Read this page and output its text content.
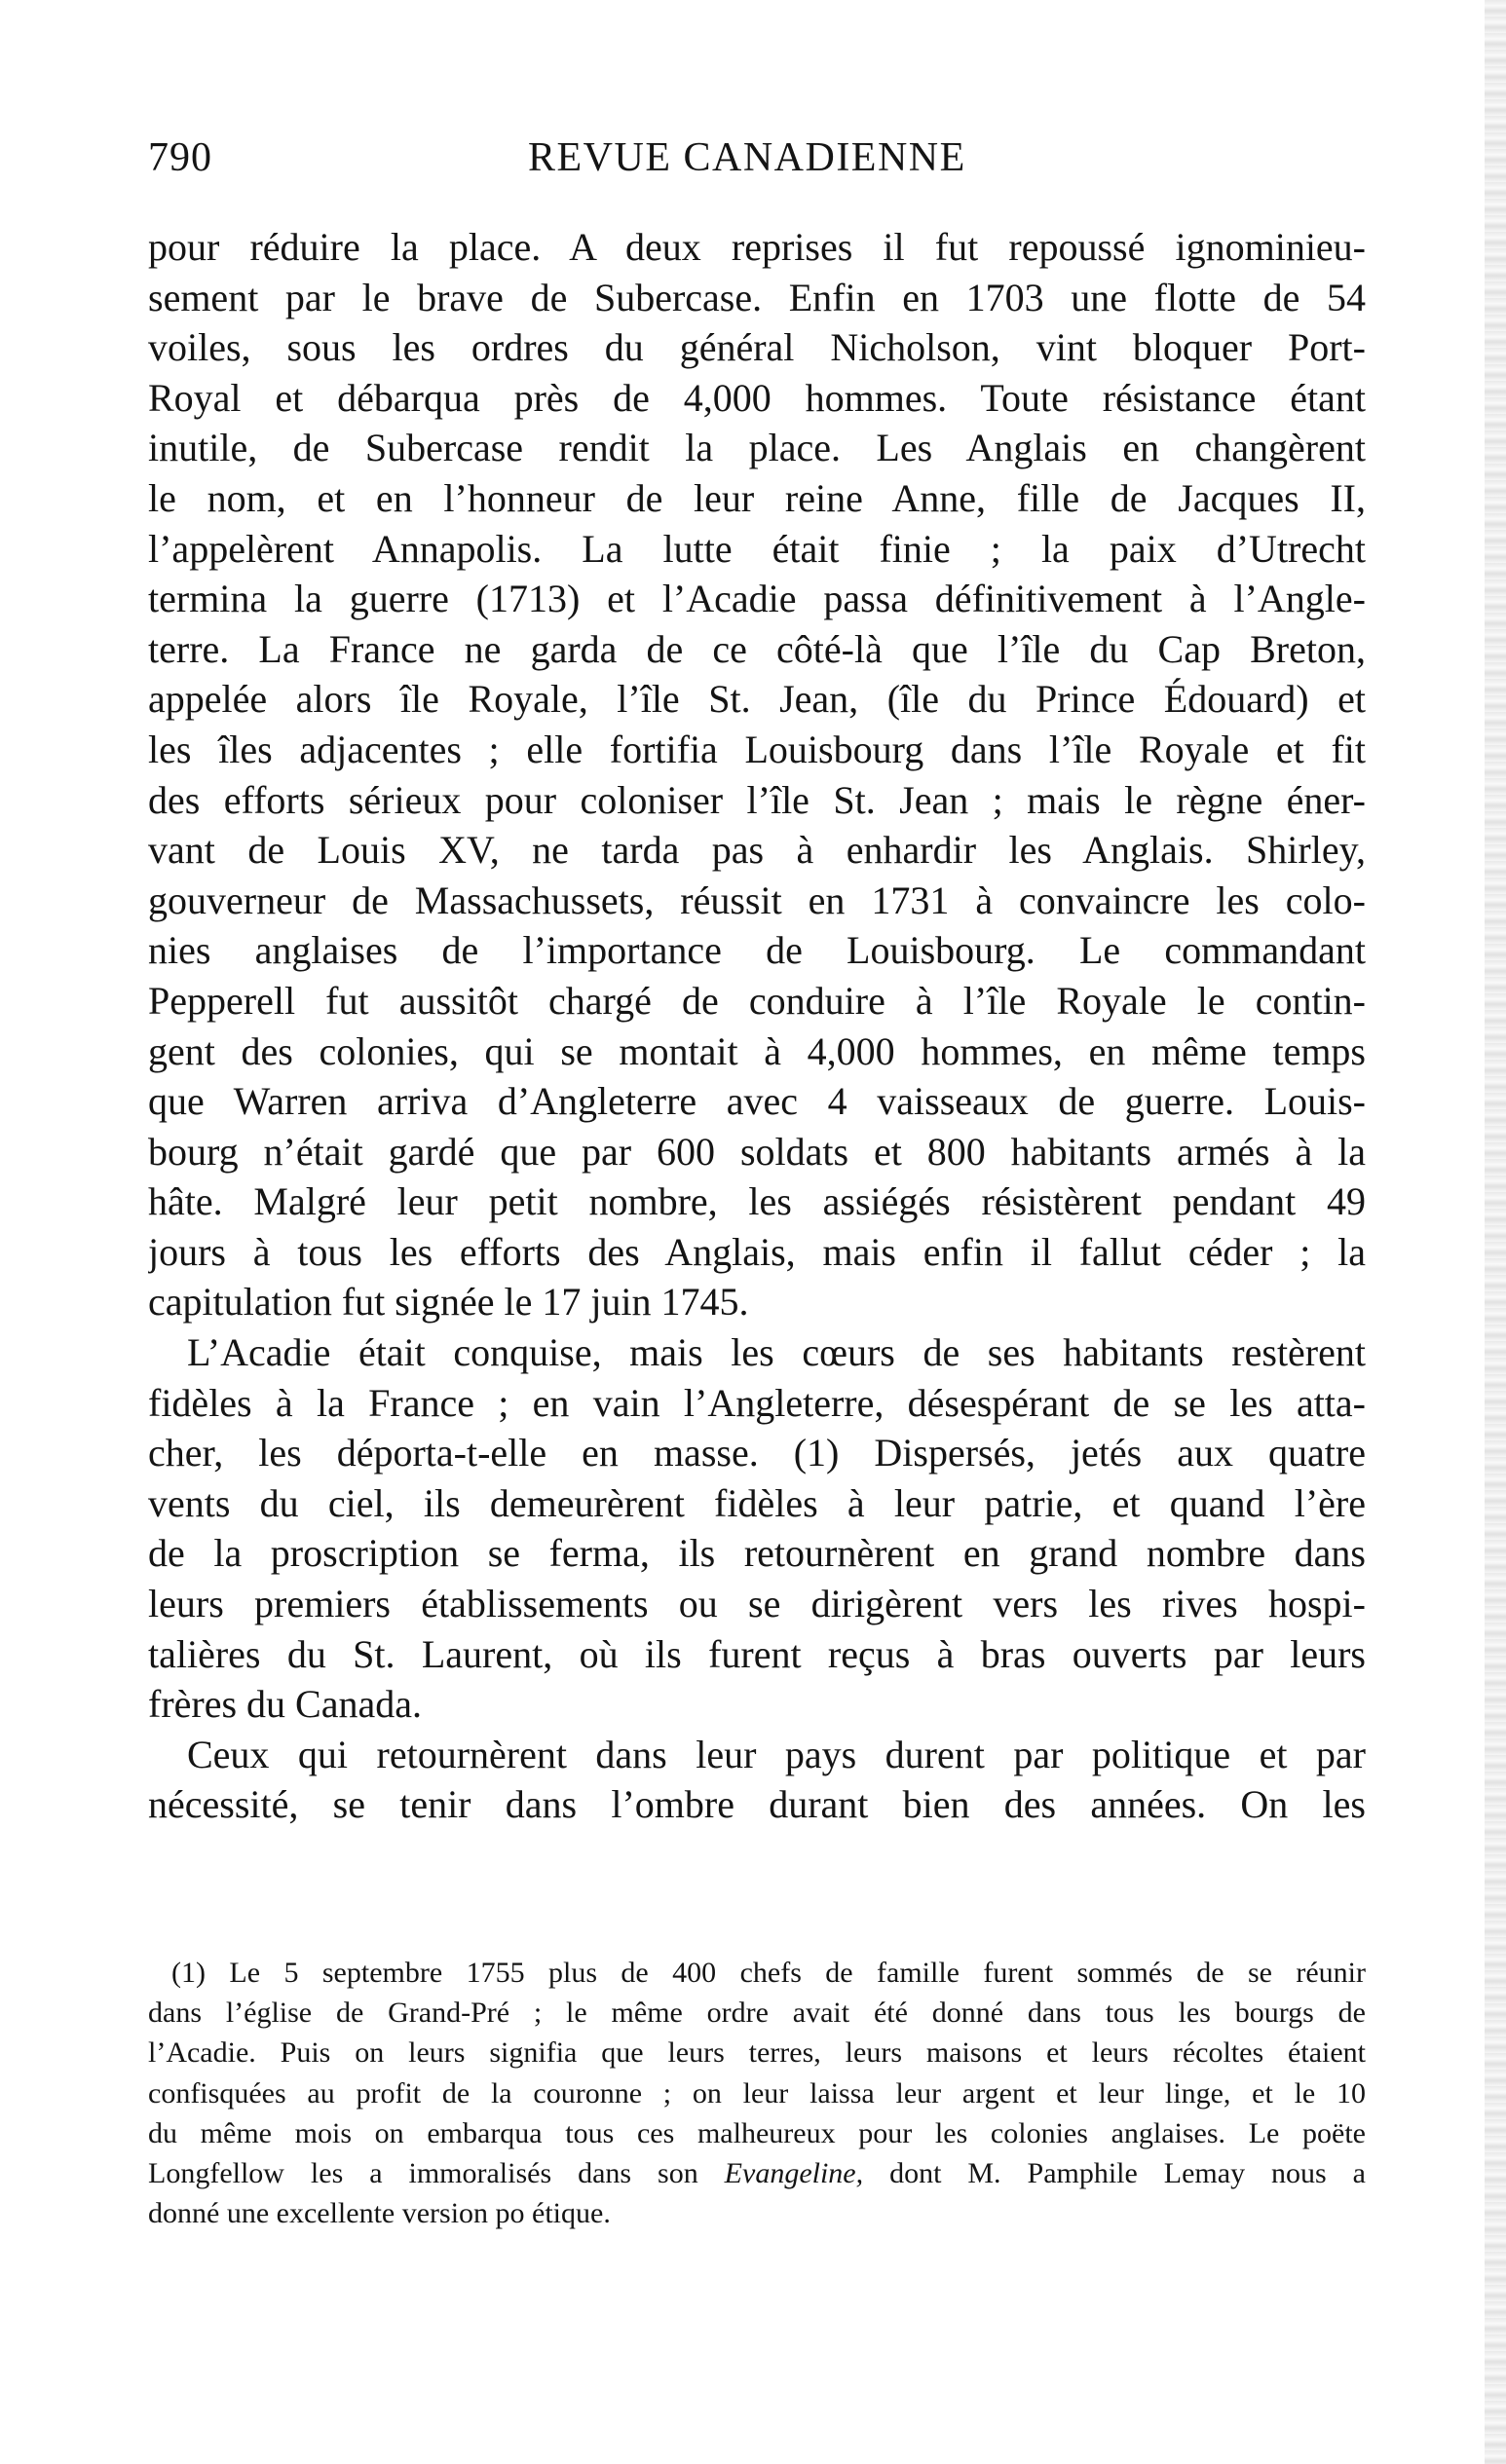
790	REVUE CANADIENNE
pour réduire la place. A deux reprises il fut repoussé ignominieu-
sement par le brave de Subercase. Enfin en 1703 une flotte de 54
voiles, sous les ordres du général Nicholson, vint bloquer Port-
Royal et débarqua près de 4,000 hommes. Toute résistance étant
inutile, de Subercase rendit la place. Les Anglais en changèrent
le nom, et en l’honneur de leur reine Anne, fille de Jacques II,
l’appelèrent Annapolis. La lutte était finie ; la paix d’Utrecht
termina la guerre (1713) et l’Acadie passa définitivement à l’Angle-
terre. La France ne garda de ce côté-là que l’île du Cap Breton,
appelée alors île Royale, l’île St. Jean, (île du Prince Édouard) et
les îles adjacentes ; elle fortifia Louisbourg dans l’île Royale et fit
des efforts sérieux pour coloniser l’île St. Jean ; mais le règne éner-
vant de Louis XV, ne tarda pas à enhardir les Anglais. Shirley,
gouverneur de Massachussets, réussit en 1731 à convaincre les colo-
nies anglaises de l’importance de Louisbourg. Le commandant
Pepperell fut aussitôt chargé de conduire à l’île Royale le contin-
gent des colonies, qui se montait à 4,000 hommes, en même temps
que Warren arriva d’Angleterre avec 4 vaisseaux de guerre. Louis-
bourg n’était gardé que par 600 soldats et 800 habitants armés à la
hâte. Malgré leur petit nombre, les assiégés résistèrent pendant 49
jours à tous les efforts des Anglais, mais enfin il fallut céder ; la
capitulation fut signée le 17 juin 1745.
L’Acadie était conquise, mais les cœurs de ses habitants restèrent
fidèles à la France ; en vain l’Angleterre, désespérant de se les atta-
cher, les déporta-t-elle en masse. (1) Dispersés, jetés aux quatre
vents du ciel, ils demeurèrent fidèles à leur patrie, et quand l’ère
de la proscription se ferma, ils retournèrent en grand nombre dans
leurs premiers établissements ou se dirigèrent vers les rives hospi-
talières du St. Laurent, où ils furent reçus à bras ouverts par leurs
frères du Canada.
Ceux qui retournèrent dans leur pays durent par politique et par
nécessité, se tenir dans l’ombre durant bien des années. On les
(1) Le 5 septembre 1755 plus de 400 chefs de famille furent sommés de se réunir
dans l’église de Grand-Pré ; le même ordre avait été donné dans tous les bourgs de
l’Acadie. Puis on leurs signifia que leurs terres, leurs maisons et leurs récoltes étaient
confisquées au profit de la couronne ; on leur laissa leur argent et leur linge, et le 10
du même mois on embarqua tous ces malheureux pour les colonies anglaises. Le poëte
Longfellow les a immoralisés dans son Evangeline, dont M. Pamphile Lemay nous a
donné une excellente version po étique.
